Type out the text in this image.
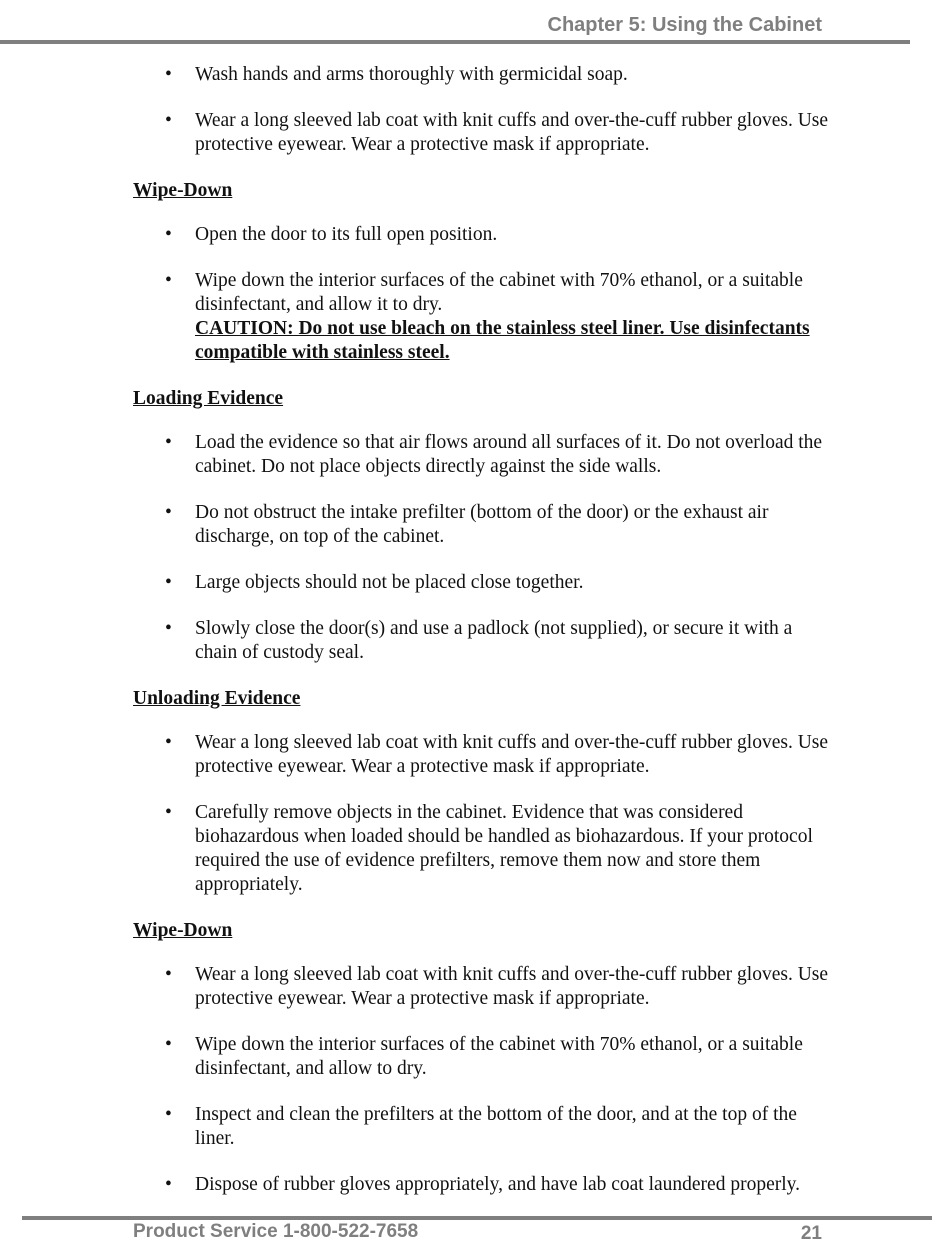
Chapter 5: Using the Cabinet
• Wash hands and arms thoroughly with germicidal soap.
• Wear a long sleeved lab coat with knit cuffs and over-the-cuff rubber gloves. Use protective eyewear. Wear a protective mask if appropriate.
Wipe-Down
• Open the door to its full open position.
• Wipe down the interior surfaces of the cabinet with 70% ethanol, or a suitable disinfectant, and allow it to dry.
CAUTION: Do not use bleach on the stainless steel liner. Use disinfectants compatible with stainless steel.
Loading Evidence
• Load the evidence so that air flows around all surfaces of it. Do not overload the cabinet. Do not place objects directly against the side walls.
• Do not obstruct the intake prefilter (bottom of the door) or the exhaust air discharge, on top of the cabinet.
• Large objects should not be placed close together.
• Slowly close the door(s) and use a padlock (not supplied), or secure it with a chain of custody seal.
Unloading Evidence
• Wear a long sleeved lab coat with knit cuffs and over-the-cuff rubber gloves. Use protective eyewear. Wear a protective mask if appropriate.
• Carefully remove objects in the cabinet. Evidence that was considered biohazardous when loaded should be handled as biohazardous. If your protocol required the use of evidence prefilters, remove them now and store them appropriately.
Wipe-Down
• Wear a long sleeved lab coat with knit cuffs and over-the-cuff rubber gloves. Use protective eyewear. Wear a protective mask if appropriate.
• Wipe down the interior surfaces of the cabinet with 70% ethanol, or a suitable disinfectant, and allow to dry.
• Inspect and clean the prefilters at the bottom of the door, and at the top of the liner.
• Dispose of rubber gloves appropriately, and have lab coat laundered properly.
Product Service 1-800-522-7658	21
